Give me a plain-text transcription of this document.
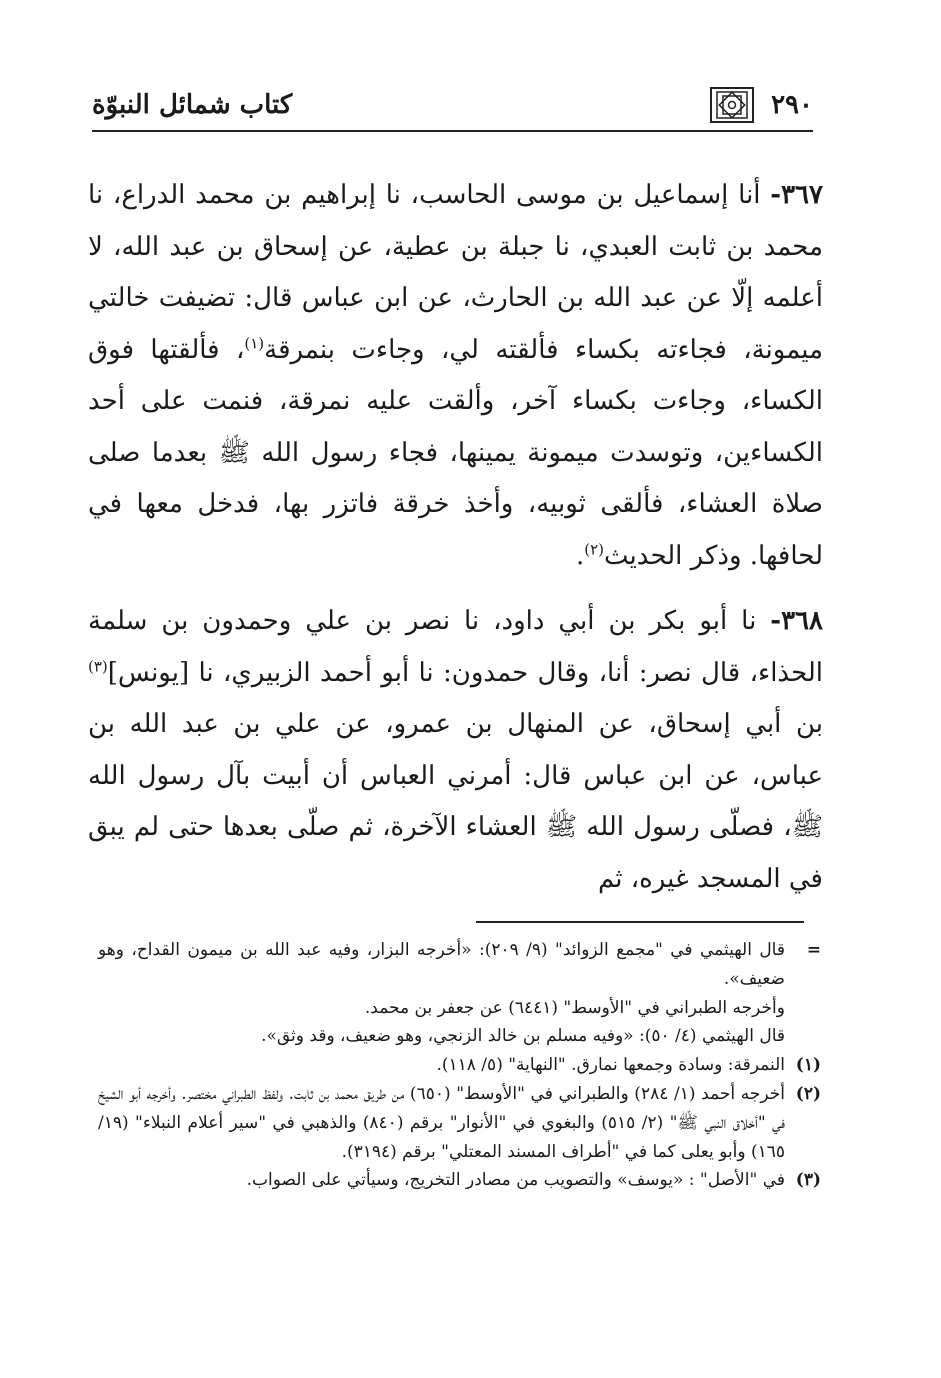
٢٩٠
كتاب شمائل النبوّة

٣٦٧- أنا إسماعيل بن موسى الحاسب، نا إبراهيم بن محمد الدراع، نا محمد بن ثابت العبدي، نا جبلة بن عطية، عن إسحاق بن عبد الله، لا أعلمه إلّا عن عبد الله بن الحارث، عن ابن عباس قال: تضيفت خالتي ميمونة، فجاءته بكساء فألقته لي، وجاءت بنمرقة$^{(١)}$، فألقتها فوق الكساء، وجاءت بكساء آخر، وألقت عليه نمرقة، فنمت على أحد الكساءين، وتوسدت ميمونة يمينها، فجاء رسول الله ﷺ بعدما صلى صلاة العشاء، فألقى ثوبيه، وأخذ خرقة فاتزر بها، فدخل معها في لحافها. وذكر الحديث$^{(٢)}$.

٣٦٨- نا أبو بكر بن أبي داود، نا نصر بن علي وحمدون بن سلمة الحذاء، قال نصر: أنا، وقال حمدون: نا أبو أحمد الزبيري، نا [يونس]$^{(٣)}$ بن أبي إسحاق، عن المنهال بن عمرو، عن علي بن عبد الله بن عباس، عن ابن عباس قال: أمرني العباس أن أبيت بآل رسول الله ﷺ، فصلّى رسول الله ﷺ العشاء الآخرة، ثم صلّى بعدها حتى لم يبق في المسجد غيره، ثم

=
قال الهيثمي في "مجمع الزوائد" (٩/ ٢٠٩): «أخرجه البزار، وفيه عبد الله بن ميمون القداح، وهو ضعيف».
وأخرجه الطبراني في "الأوسط" (٦٤٤١) عن جعفر بن محمد.
قال الهيثمي (٤/ ٥٠): «وفيه مسلم بن خالد الزنجي، وهو ضعيف، وقد وثق».
(١)
النمرقة: وسادة وجمعها نمارق. "النهاية" (٥/ ١١٨).
(٢)
أخرجه أحمد (١/ ٢٨٤) والطبراني في "الأوسط" (٦٥٠) من طريق محمد بن ثابت. ولفظ الطبراني مختصر. وأخرجه أبو الشيخ في "أخلاق النبي ﷺ" (٢/ ٥١٥) والبغوي في "الأنوار" برقم (٨٤٠) والذهبي في "سير أعلام النبلاء" (١٩/ ١٦٥) وأبو يعلى كما في "أطراف المسند المعتلي" برقم (٣١٩٤).
(٣)
في "الأصل" : «يوسف» والتصويب من مصادر التخريج، وسيأتي على الصواب.
